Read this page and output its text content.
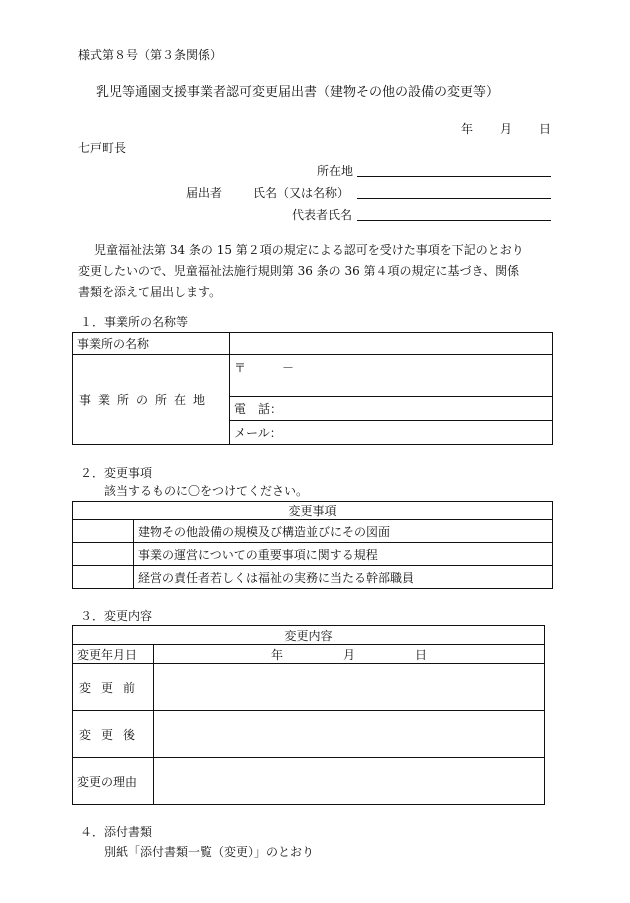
様式第８号（第３条関係）
乳児等通園支援事業者認可変更届出書（建物その他の設備の変更等）
年 月 日
七戸町長
所在地
届出者	氏名（又は名称）
代表者氏名
児童福祉法第 34 条の 15 第２項の規定による認可を受けた事項を下記のとおり
変更したいので、児童福祉法施行規則第 36 条の 36 第４項の規定に基づき、関係
書類を添えて届出します。
１．事業所の名称等
事業所の名称	
事業所の所在地	〒 －
	電　話：
	メール：
２．変更事項
該当するものに〇をつけてください。
変更事項	
	建物その他設備の規模及び構造並びにその図面
	事業の運営についての重要事項に関する規程
	経営の責任者若しくは福祉の実務に当たる幹部職員
３．変更内容
変更内容	
変更年月日	年　　　　　月　　　　　日
変更前	
変更後	
変更の理由	
４．添付書類
別紙「添付書類一覧（変更）」のとおり
